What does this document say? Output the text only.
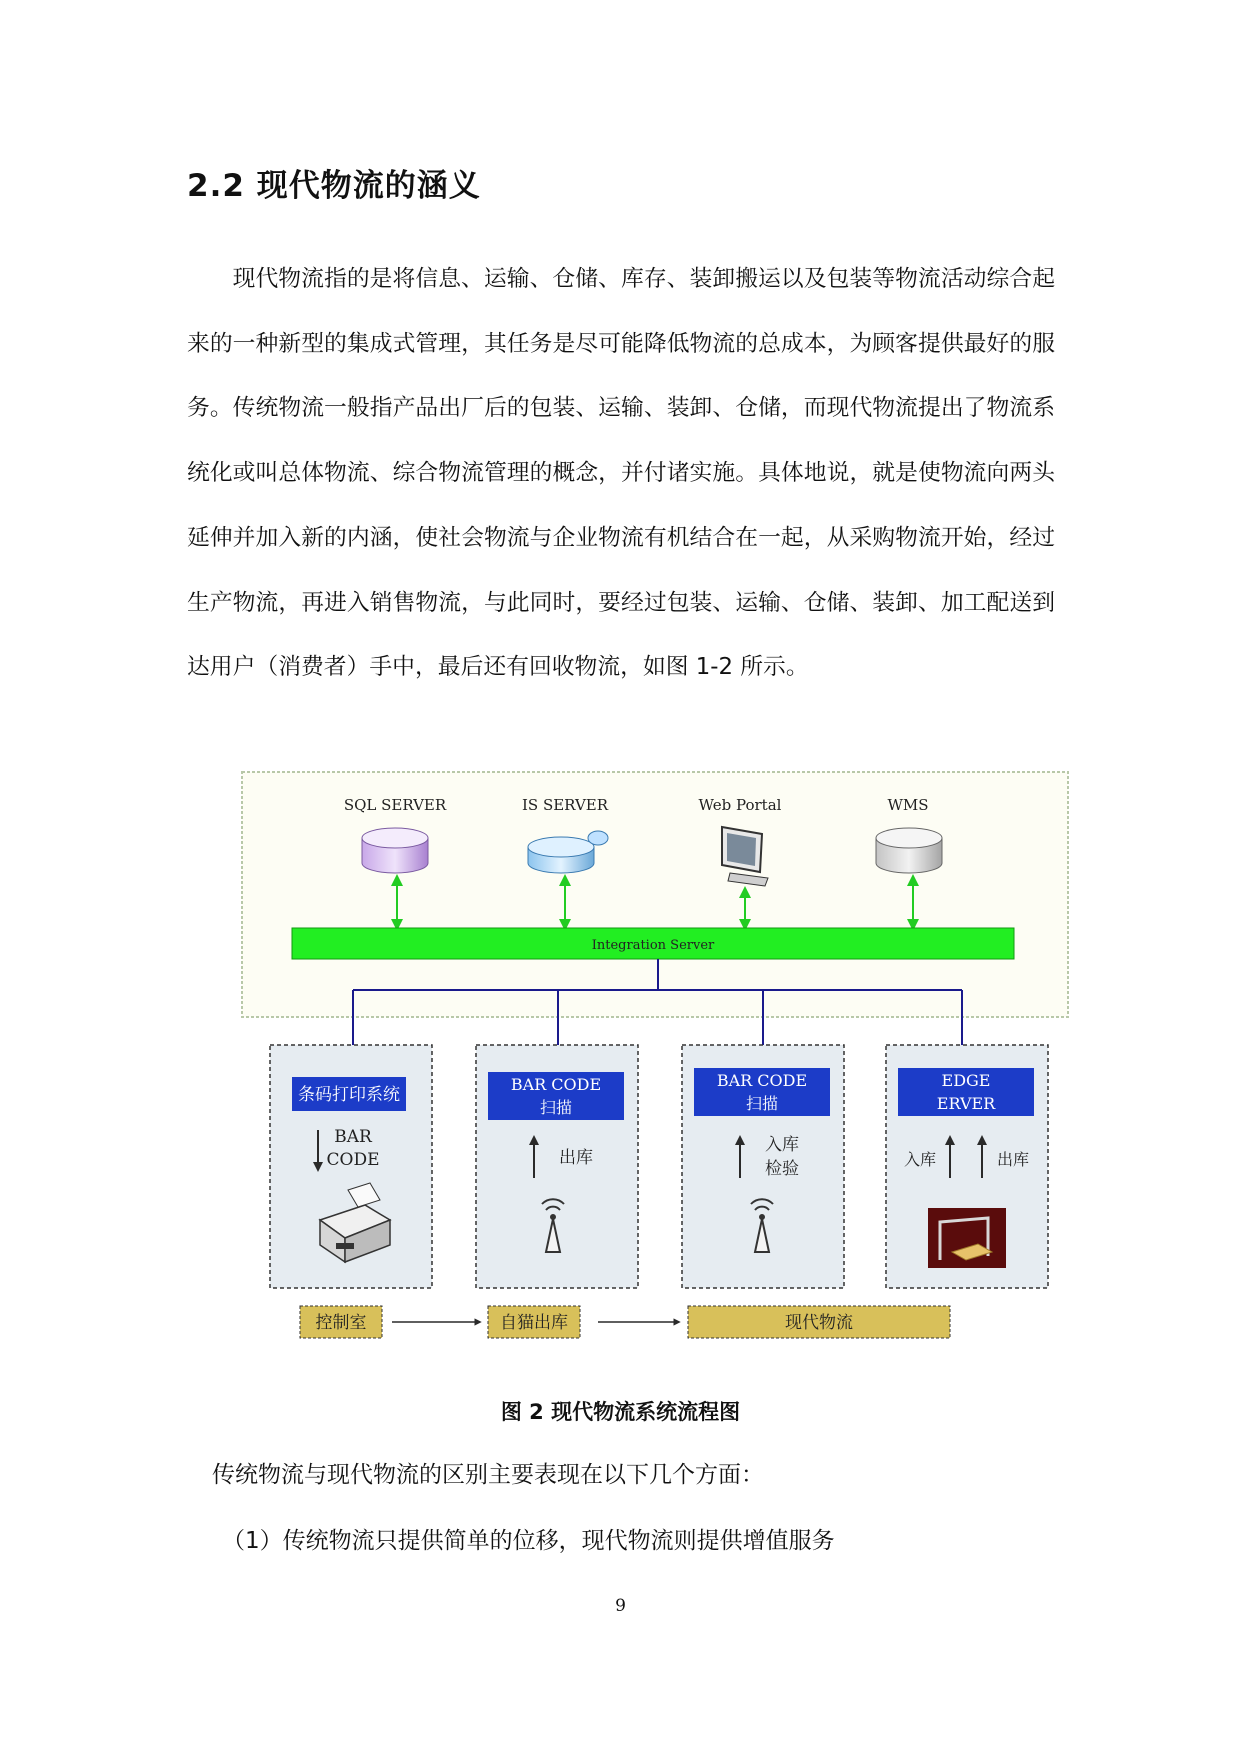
2.2 现代物流的涵义

现代物流指的是将信息、运输、仓储、库存、装卸搬运以及包装等物流活动综合起来的一种新型的集成式管理，其任务是尽可能降低物流的总成本，为顾客提供最好的服务。传统物流一般指产品出厂后的包装、运输、装卸、仓储，而现代物流提出了物流系统化或叫总体物流、综合物流管理的概念，并付诸实施。具体地说，就是使物流向两头延伸并加入新的内涵，使社会物流与企业物流有机结合在一起，从采购物流开始，经过生产物流，再进入销售物流，与此同时，要经过包装、运输、仓储、装卸、加工配送到达用户（消费者）手中，最后还有回收物流，如图 1-2 所示。

SQL SERVER	IS SERVER	Web Portal	WMS
Integration Server
条码打印系统
BAR
CODE
BAR CODE
扫描
出库
BAR CODE
扫描
入库
检验
EDGE
ERVER
入库	出库
控制室	自猫出库	现代物流
图 2 现代物流系统流程图
传统物流与现代物流的区别主要表现在以下几个方面：
（1）传统物流只提供简单的位移，现代物流则提供增值服务
9
